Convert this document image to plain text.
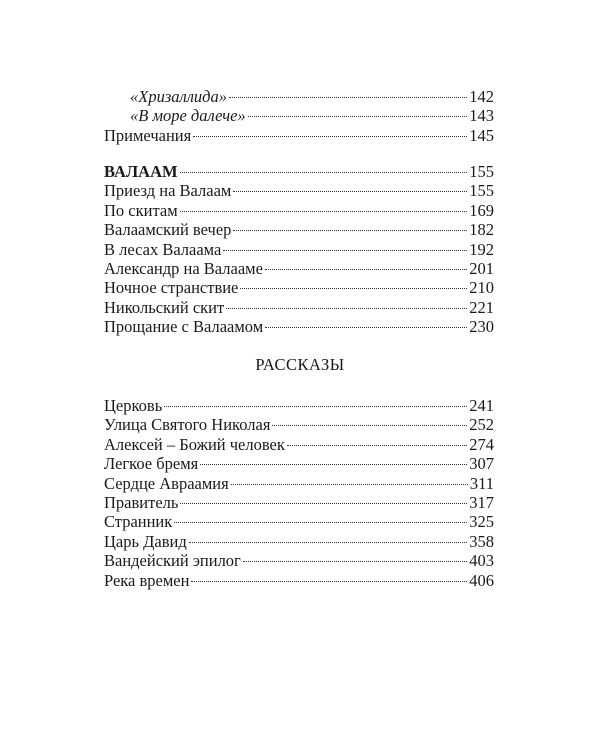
«Хризаллида»	142
«В море далече»	143
Примечания	145
ВАЛААМ	155
Приезд на Валаам	155
По скитам	169
Валаамский вечер	182
В лесах Валаама	192
Александр на Валааме	201
Ночное странствие	210
Никольский скит	221
Прощание с Валаамом	230
РАССКАЗЫ
Церковь	241
Улица Святого Николая	252
Алексей – Божий человек	274
Легкое бремя	307
Сердце Авраамия	311
Правитель	317
Странник	325
Царь Давид	358
Вандейский эпилог	403
Река времен	406
